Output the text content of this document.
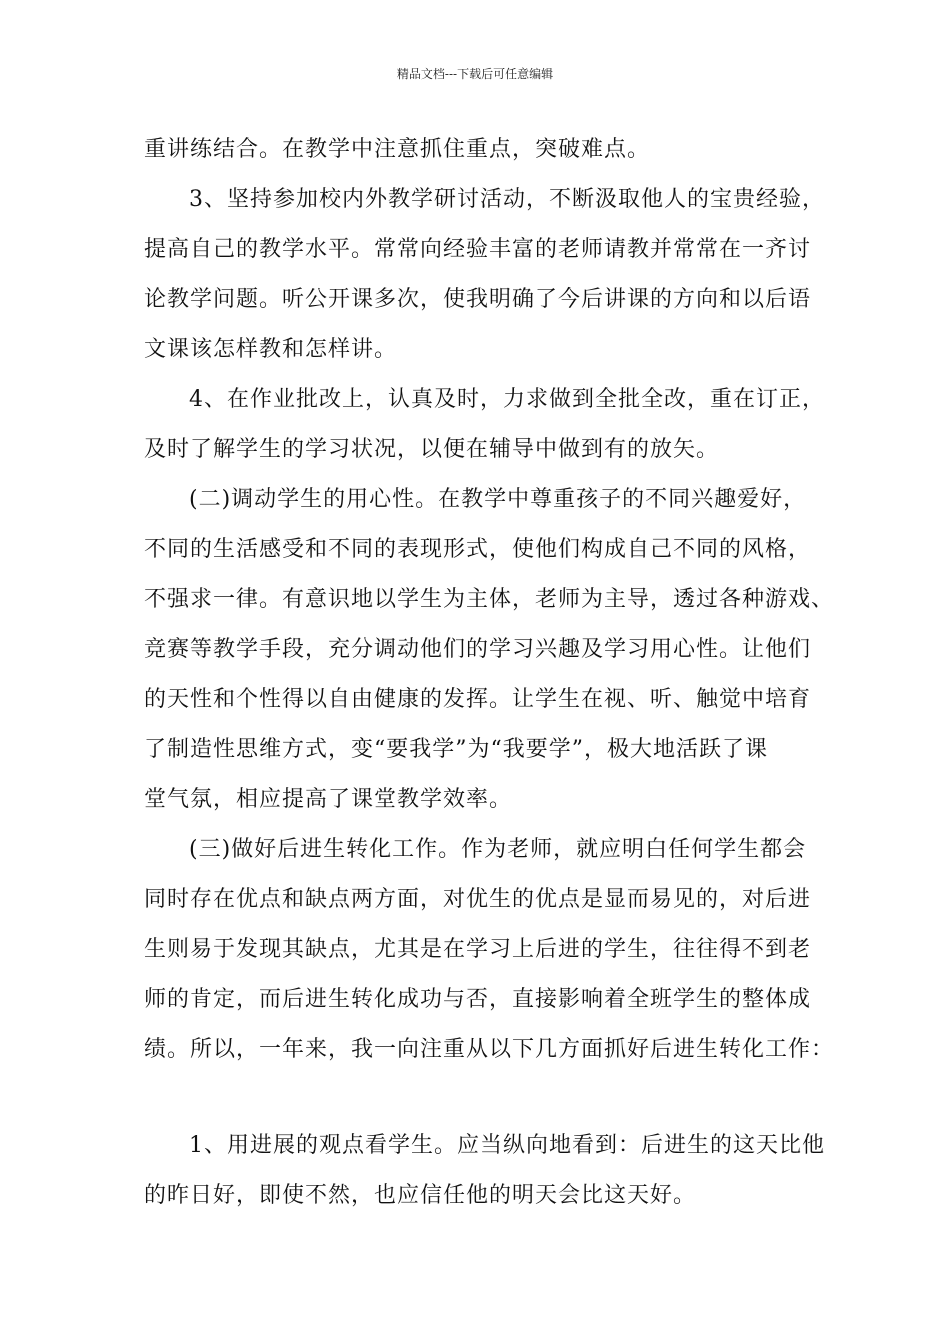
精品文档---下载后可任意编辑
重讲练结合。在教学中注意抓住重点，突破难点。
3、坚持参加校内外教学研讨活动，不断汲取他人的宝贵经验，
提高自己的教学水平。常常向经验丰富的老师请教并常常在一齐讨
论教学问题。听公开课多次，使我明确了今后讲课的方向和以后语
文课该怎样教和怎样讲。
4、在作业批改上，认真及时，力求做到全批全改，重在订正，
及时了解学生的学习状况，以便在辅导中做到有的放矢。
(二)调动学生的用心性。在教学中尊重孩子的不同兴趣爱好，
不同的生活感受和不同的表现形式，使他们构成自己不同的风格，
不强求一律。有意识地以学生为主体，老师为主导，透过各种游戏、
竞赛等教学手段，充分调动他们的学习兴趣及学习用心性。让他们
的天性和个性得以自由健康的发挥。让学生在视、听、触觉中培育
了制造性思维方式，变“要我学”为“我要学”，极大地活跃了课
堂气氛，相应提高了课堂教学效率。
(三)做好后进生转化工作。作为老师，就应明白任何学生都会
同时存在优点和缺点两方面，对优生的优点是显而易见的，对后进
生则易于发现其缺点，尤其是在学习上后进的学生，往往得不到老
师的肯定，而后进生转化成功与否，直接影响着全班学生的整体成
绩。所以，一年来，我一向注重从以下几方面抓好后进生转化工作：
1、用进展的观点看学生。应当纵向地看到：后进生的这天比他
的昨日好，即使不然，也应信任他的明天会比这天好。
